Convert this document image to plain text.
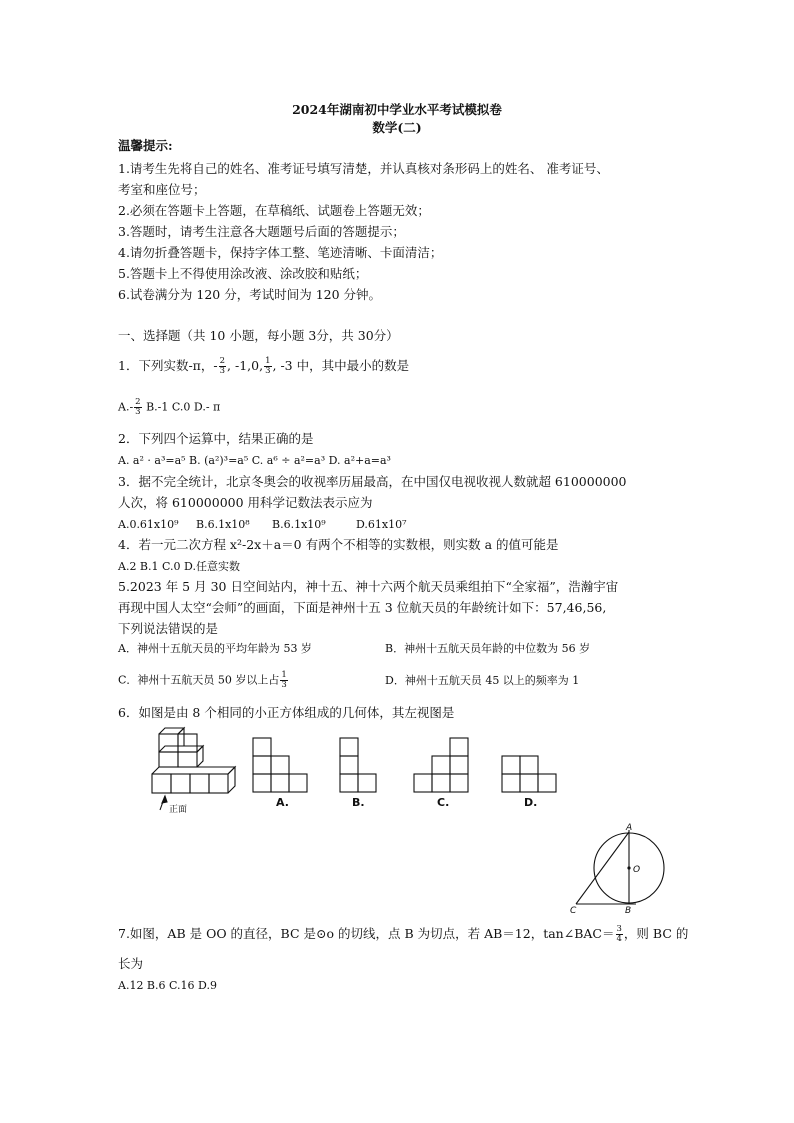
2024年湖南初中学业水平考试模拟卷
数学(二)
温馨提示:
1.请考生先将自己的姓名、准考证号填写清楚，并认真核对条形码上的姓名、 准考证号、
考室和座位号；
2.必须在答题卡上答题，在草稿纸、试题卷上答题无效；
3.答题时，请考生注意各大题题号后面的答题提示；
4.请勿折叠答题卡，保持字体工整、笔迹清晰、卡面清洁；
5.答题卡上不得使用涂改液、涂改胶和贴纸；
6.试卷满分为 120 分，考试时间为 120 分钟。
一、选择题（共 10 小题，每小题 3分，共 30分）
1．下列实数-π，- $\frac{2}{3}$ , -1,0, $\frac{1}{3}$ , -3 中，其中最小的数是
$A.- \frac{2}{3} B.-1$ C.0 D.- π
2．下列四个运算中，结果正确的是
A. a² · a³=a⁵ B. (a²)³=a⁵ C. a⁶ ÷ a²=a³ D. a²+a=a³
3．据不完全统计，北京冬奥会的收视率历届最高，在中国仅电视收视人数就超 610000000
人次，将 610000000 用科学记数法表示应为
A.0.61x10⁹ B.6.1x10⁸ B.6.1x10⁹	D.61x10⁷
4．若一元二次方程 x²-2x＋a＝0 有两个不相等的实数根，则实数 a 的值可能是
A.2 B.1 C.0 D.任意实数
5.2023 年 5 月 30 日空间站内，神十五、神十六两个航天员乘组拍下“全家福”，浩瀚宇宙
再现中国人太空“会师”的画面，下面是神州十五 3 位航天员的年龄统计如下：57,46,56,
下列说法错误的是
A．神州十五航天员的平均年龄为 53 岁	B．神州十五航天员年龄的中位数为 56 岁
C．神州十五航天员 50 岁以上占 $\frac{1}{3}$	D．神州十五航天员 45 以上的频率为 1
6．如图是由 8 个相同的小正方体组成的几何体，其左视图是
正面
A.	B.	C.	D.
A
O
B
C
7.如图，AB 是 OO 的直径，BC 是⊙o 的切线，点 B 为切点，若 AB＝12，tan∠BAC＝ $\frac{3}{4}$ ，则 BC 的
长为
A.12 B.6 C.16 D.9
